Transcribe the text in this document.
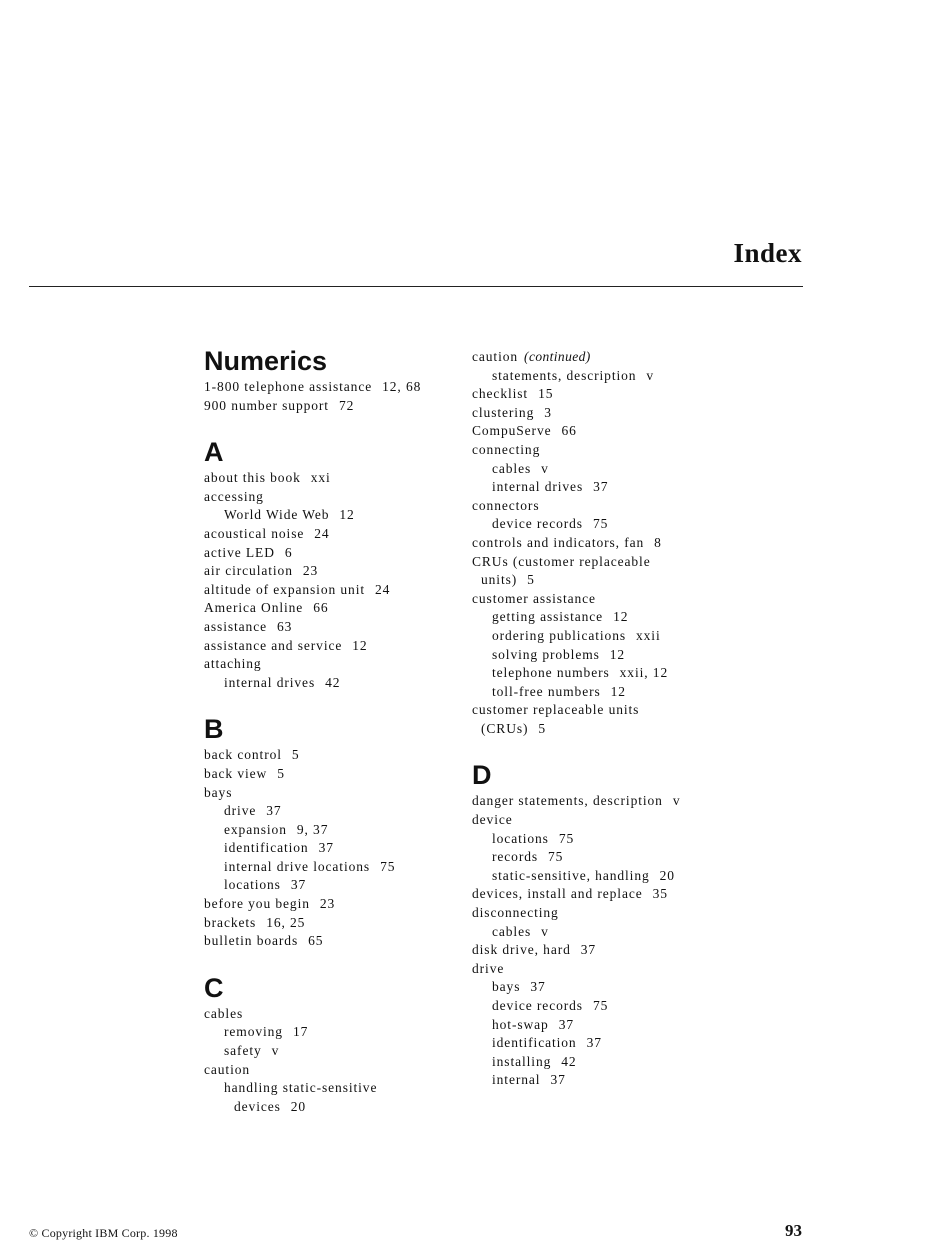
Index
Numerics
1-800 telephone assistance 12, 68
900 number support 72
A
about this book xxi
accessing
World Wide Web 12
acoustical noise 24
active LED 6
air circulation 23
altitude of expansion unit 24
America Online 66
assistance 63
assistance and service 12
attaching
internal drives 42
B
back control 5
back view 5
bays
drive 37
expansion 9, 37
identification 37
internal drive locations 75
locations 37
before you begin 23
brackets 16, 25
bulletin boards 65
C
cables
removing 17
safety v
caution
handling static-sensitive
devices 20
caution (continued)
statements, description v
checklist 15
clustering 3
CompuServe 66
connecting
cables v
internal drives 37
connectors
device records 75
controls and indicators, fan 8
CRUs (customer replaceable
units) 5
customer assistance
getting assistance 12
ordering publications xxii
solving problems 12
telephone numbers xxii, 12
toll-free numbers 12
customer replaceable units
(CRUs) 5
D
danger statements, description v
device
locations 75
records 75
static-sensitive, handling 20
devices, install and replace 35
disconnecting
cables v
disk drive, hard 37
drive
bays 37
device records 75
hot-swap 37
identification 37
installing 42
internal 37
© Copyright IBM Corp. 1998	93
